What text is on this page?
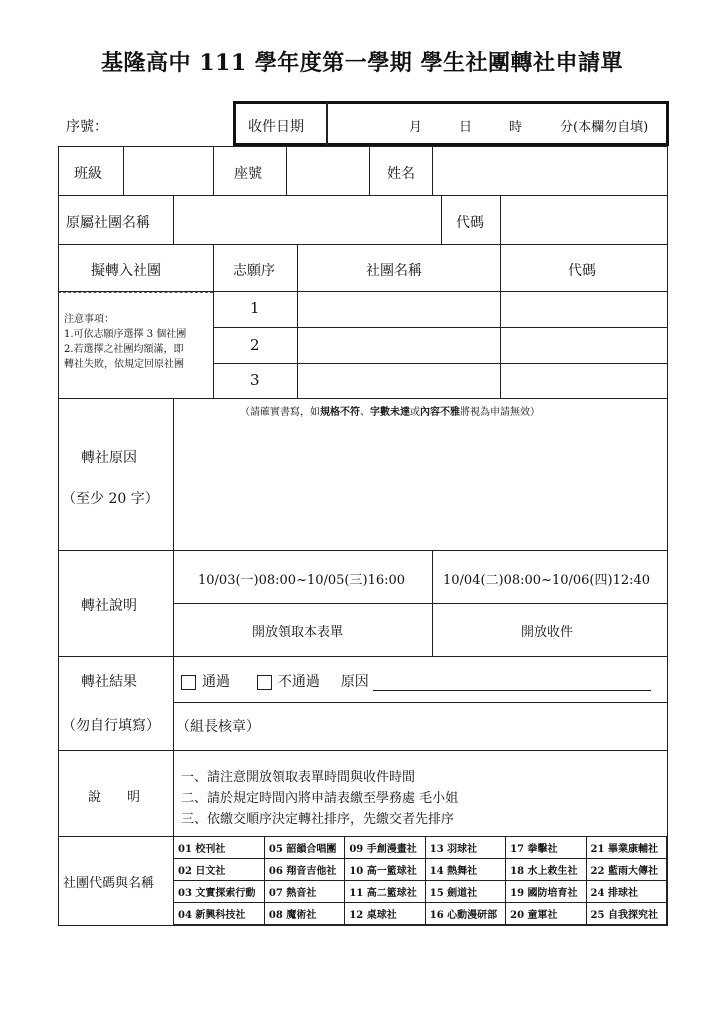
基隆高中 111 學年度第一學期 學生社團轉社申請單
序號：	收件日期	月	日	時	分(本欄勿自填)
班級	座號	姓名
原屬社團名稱	代碼
擬轉入社團	志願序	社團名稱	代碼
注意事項：
1.可依志願序選擇 3 個社團
2.若選擇之社團均額滿，即
轉社失敗，依規定回原社團
1
2
3
轉社原因
（至少 20 字）
（請確實書寫，如規格不符、字數未達或內容不雅將視為申請無效）
轉社說明
10/03(一)08:00~10/05(三)16:00	10/04(二)08:00~10/06(四)12:40
開放領取本表單	開放收件
轉社結果
（勿自行填寫）
通過	不通過 原因
（組長核章）
說　　明
一、請注意開放領取表單時間與收件時間
二、請於規定時間內將申請表繳至學務處 毛小姐
三、依繳交順序決定轉社排序，先繳交者先排序
社團代碼與名稱
01 校刊社	05 韶韻合唱團	09 手創漫畫社	13 羽球社	17 拳擊社	21 畢業康輔社
02 日文社	06 翔音吉他社	10 高一籃球社	14 熱舞社	18 水上救生社	22 藍雨大傳社
03 文實探索行動	07 熱音社	11 高二籃球社	15 劍道社	19 國防培育社	24 排球社
04 新興科技社	08 魔術社	12 桌球社	16 心動漫研部	20 童軍社	25 自我探究社
